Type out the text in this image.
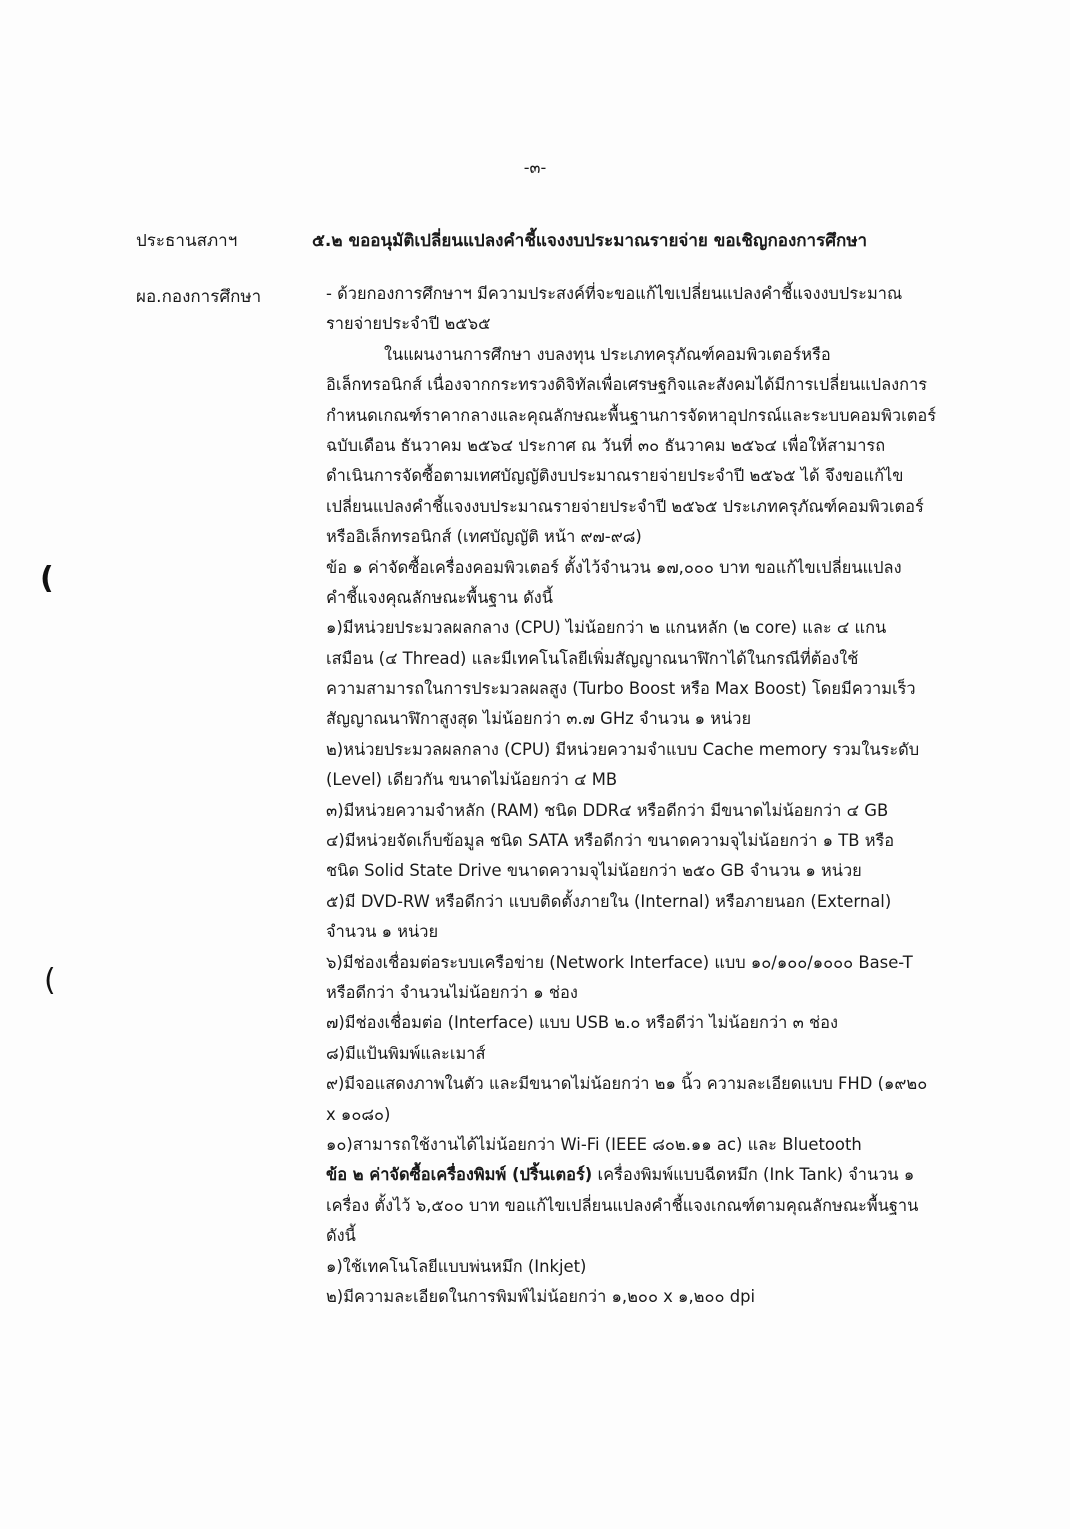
-๓-
ประธานสภาฯ	๕.๒ ขออนุมัติเปลี่ยนแปลงคำชี้แจงงบประมาณรายจ่าย ขอเชิญกองการศึกษา
ผอ.กองการศึกษา	- ด้วยกองการศึกษาฯ มีความประสงค์ที่จะขอแก้ไขเปลี่ยนแปลงคำชี้แจงงบประมาณ
รายจ่ายประจำปี ๒๕๖๕
ในแผนงานการศึกษา งบลงทุน ประเภทครุภัณฑ์คอมพิวเตอร์หรือ
อิเล็กทรอนิกส์ เนื่องจากกระทรวงดิจิทัลเพื่อเศรษฐกิจและสังคมได้มีการเปลี่ยนแปลงการ
กำหนดเกณฑ์ราคากลางและคุณลักษณะพื้นฐานการจัดหาอุปกรณ์และระบบคอมพิวเตอร์
ฉบับเดือน ธันวาคม ๒๕๖๔ ประกาศ ณ วันที่ ๓๐ ธันวาคม ๒๕๖๔ เพื่อให้สามารถ
ดำเนินการจัดซื้อตามเทศบัญญัติงบประมาณรายจ่ายประจำปี ๒๕๖๕ ได้ จึงขอแก้ไข
เปลี่ยนแปลงคำชี้แจงงบประมาณรายจ่ายประจำปี ๒๕๖๕ ประเภทครุภัณฑ์คอมพิวเตอร์
หรืออิเล็กทรอนิกส์ (เทศบัญญัติ หน้า ๙๗-๙๘)
ข้อ ๑ ค่าจัดซื้อเครื่องคอมพิวเตอร์ ตั้งไว้จำนวน ๑๗,๐๐๐ บาท ขอแก้ไขเปลี่ยนแปลง
คำชี้แจงคุณลักษณะพื้นฐาน ดังนี้
๑)มีหน่วยประมวลผลกลาง (CPU) ไม่น้อยกว่า ๒ แกนหลัก (๒ core) และ ๔ แกน
เสมือน (๔ Thread) และมีเทคโนโลยีเพิ่มสัญญาณนาฬิกาได้ในกรณีที่ต้องใช้
ความสามารถในการประมวลผลสูง (Turbo Boost หรือ Max Boost) โดยมีความเร็ว
สัญญาณนาฬิกาสูงสุด ไม่น้อยกว่า ๓.๗ GHz จำนวน ๑ หน่วย
๒)หน่วยประมวลผลกลาง (CPU) มีหน่วยความจำแบบ Cache memory รวมในระดับ
(Level) เดียวกัน ขนาดไม่น้อยกว่า ๔ MB
๓)มีหน่วยความจำหลัก (RAM) ชนิด DDR๔ หรือดีกว่า มีขนาดไม่น้อยกว่า ๔ GB
๔)มีหน่วยจัดเก็บข้อมูล ชนิด SATA หรือดีกว่า ขนาดความจุไม่น้อยกว่า ๑ TB หรือ
ชนิด Solid State Drive ขนาดความจุไม่น้อยกว่า ๒๕๐ GB จำนวน ๑ หน่วย
๕)มี DVD-RW หรือดีกว่า แบบติดตั้งภายใน (Internal) หรือภายนอก (External)
จำนวน ๑ หน่วย
๖)มีช่องเชื่อมต่อระบบเครือข่าย (Network Interface) แบบ ๑๐/๑๐๐/๑๐๐๐ Base-T
หรือดีกว่า จำนวนไม่น้อยกว่า ๑ ช่อง
๗)มีช่องเชื่อมต่อ (Interface) แบบ USB ๒.๐ หรือดีว่า ไม่น้อยกว่า ๓ ช่อง
๘)มีแป้นพิมพ์และเมาส์
๙)มีจอแสดงภาพในตัว และมีขนาดไม่น้อยกว่า ๒๑ นิ้ว ความละเอียดแบบ FHD (๑๙๒๐
x ๑๐๘๐)
๑๐)สามารถใช้งานได้ไม่น้อยกว่า Wi-Fi (IEEE ๘๐๒.๑๑ ac) และ Bluetooth
ข้อ ๒ ค่าจัดซื้อเครื่องพิมพ์ (ปริ้นเตอร์) เครื่องพิมพ์แบบฉีดหมึก (Ink Tank) จำนวน ๑
เครื่อง ตั้งไว้ ๖,๕๐๐ บาท ขอแก้ไขเปลี่ยนแปลงคำชี้แจงเกณฑ์ตามคุณลักษณะพื้นฐาน
ดังนี้
๑)ใช้เทคโนโลยีแบบพ่นหมึก (Inkjet)
๒)มีความละเอียดในการพิมพ์ไม่น้อยกว่า ๑,๒๐๐ x ๑,๒๐๐ dpi
(
(
